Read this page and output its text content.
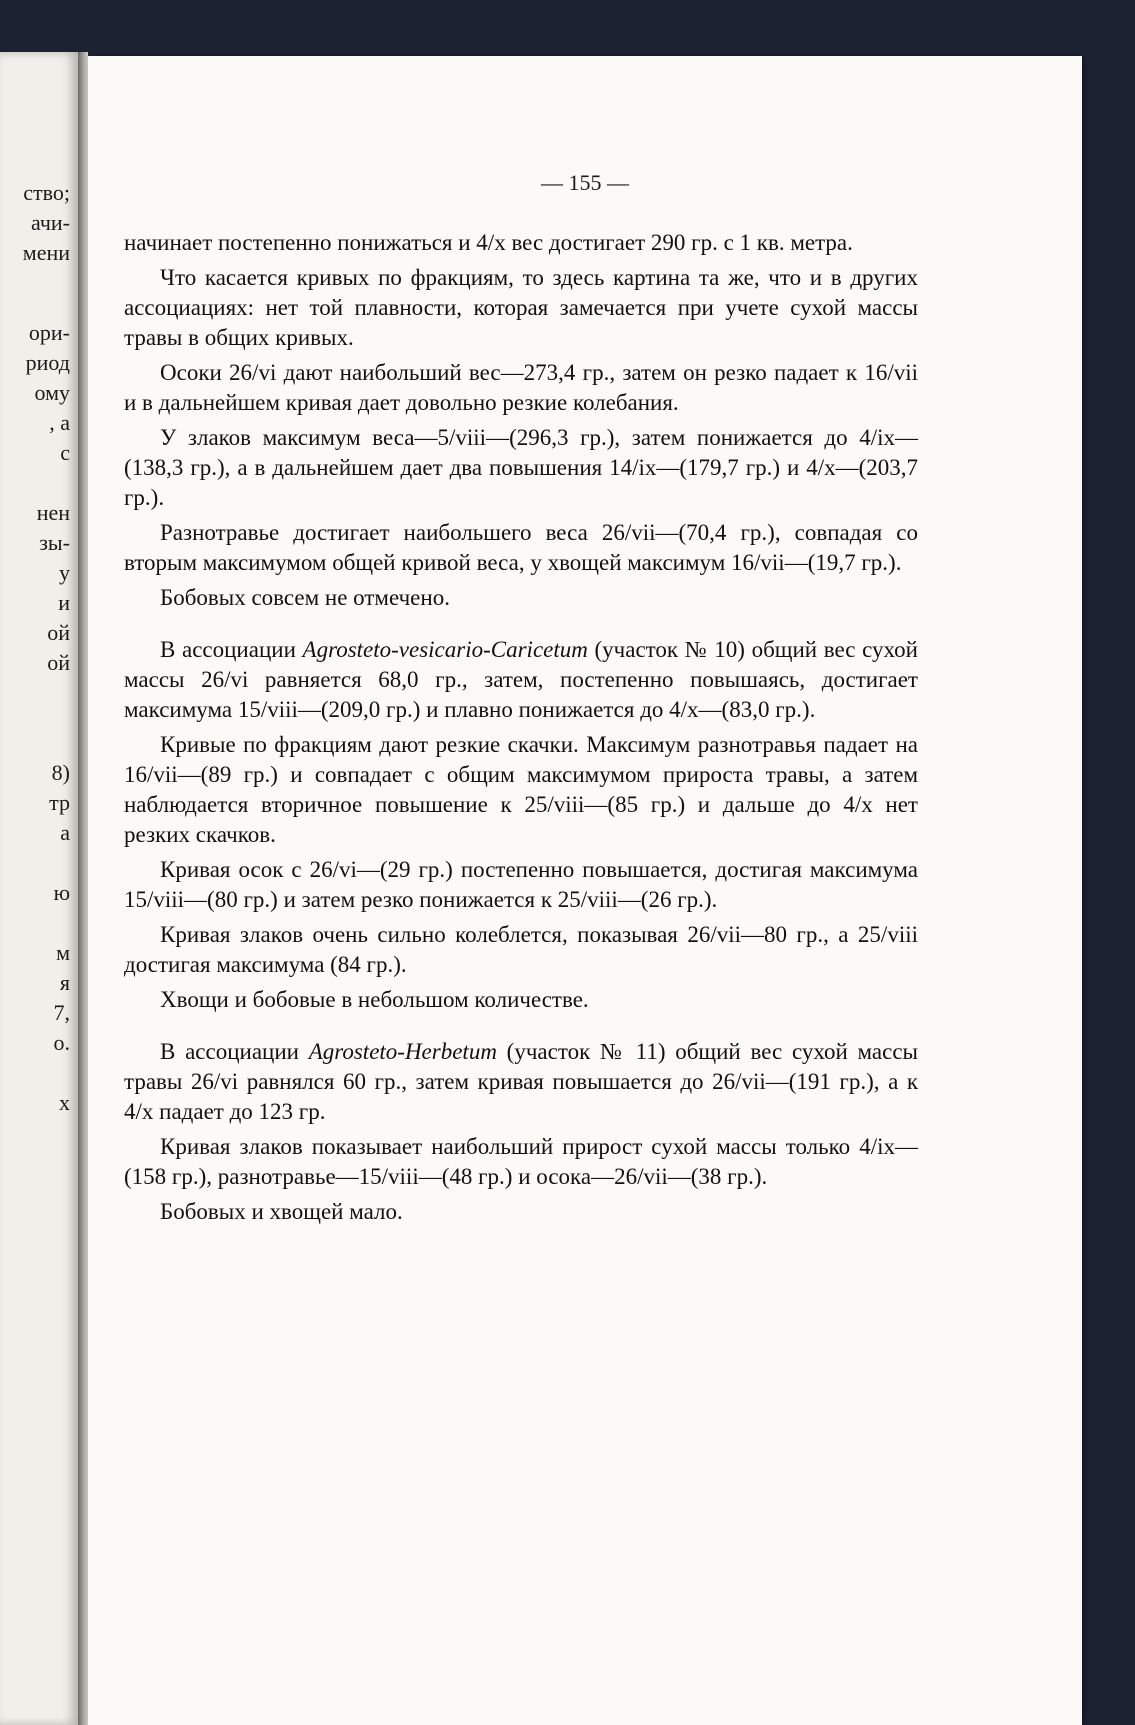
ство;
ачи-
мени
ори-
риод
ому
, а
с
нен
зы-
у
и
ой
ой
8)
тр
а
ю
м
я
7,
о.
х
— 155 —

начинает постепенно понижаться и 4/x вес достигает 290 гр. с 1 кв. метра.

Что касается кривых по фракциям, то здесь картина та же, что и в других ассоциациях: нет той плавности, которая замечается при учете сухой массы травы в общих кривых.

Осоки 26/vi дают наибольший вес—273,4 гр., затем он резко падает к 16/vii и в дальнейшем кривая дает довольно резкие колебания.

У злаков максимум веса—5/viii—(296,3 гр.), затем понижается до 4/ix—(138,3 гр.), а в дальнейшем дает два повышения 14/ix—(179,7 гр.) и 4/x—(203,7 гр.).

Разнотравье достигает наибольшего веса 26/vii—(70,4 гр.), совпадая со вторым максимумом общей кривой веса, у хвощей максимум 16/vii—(19,7 гр.).

Бобовых совсем не отмечено.

В ассоциации Agrosteto-vesicario-Caricetum (участок № 10) общий вес сухой массы 26/vi равняется 68,0 гр., затем, постепенно повышаясь, достигает максимума 15/viii—(209,0 гр.) и плавно понижается до 4/x—(83,0 гр.).

Кривые по фракциям дают резкие скачки. Максимум разнотравья падает на 16/vii—(89 гр.) и совпадает с общим максимумом прироста травы, а затем наблюдается вторичное повышение к 25/viii—(85 гр.) и дальше до 4/x нет резких скачков.

Кривая осок с 26/vi—(29 гр.) постепенно повышается, достигая максимума 15/viii—(80 гр.) и затем резко понижается к 25/viii—(26 гр.).

Кривая злаков очень сильно колеблется, показывая 26/vii—80 гр., а 25/viii достигая максимума (84 гр.).

Хвощи и бобовые в небольшом количестве.

В ассоциации Agrosteto-Herbetum (участок № 11) общий вес сухой массы травы 26/vi равнялся 60 гр., затем кривая повышается до 26/vii—(191 гр.), а к 4/x падает до 123 гр.

Кривая злаков показывает наибольший прирост сухой массы только 4/ix—(158 гр.), разнотравье—15/viii—(48 гр.) и осока—26/vii—(38 гр.).

Бобовых и хвощей мало.
